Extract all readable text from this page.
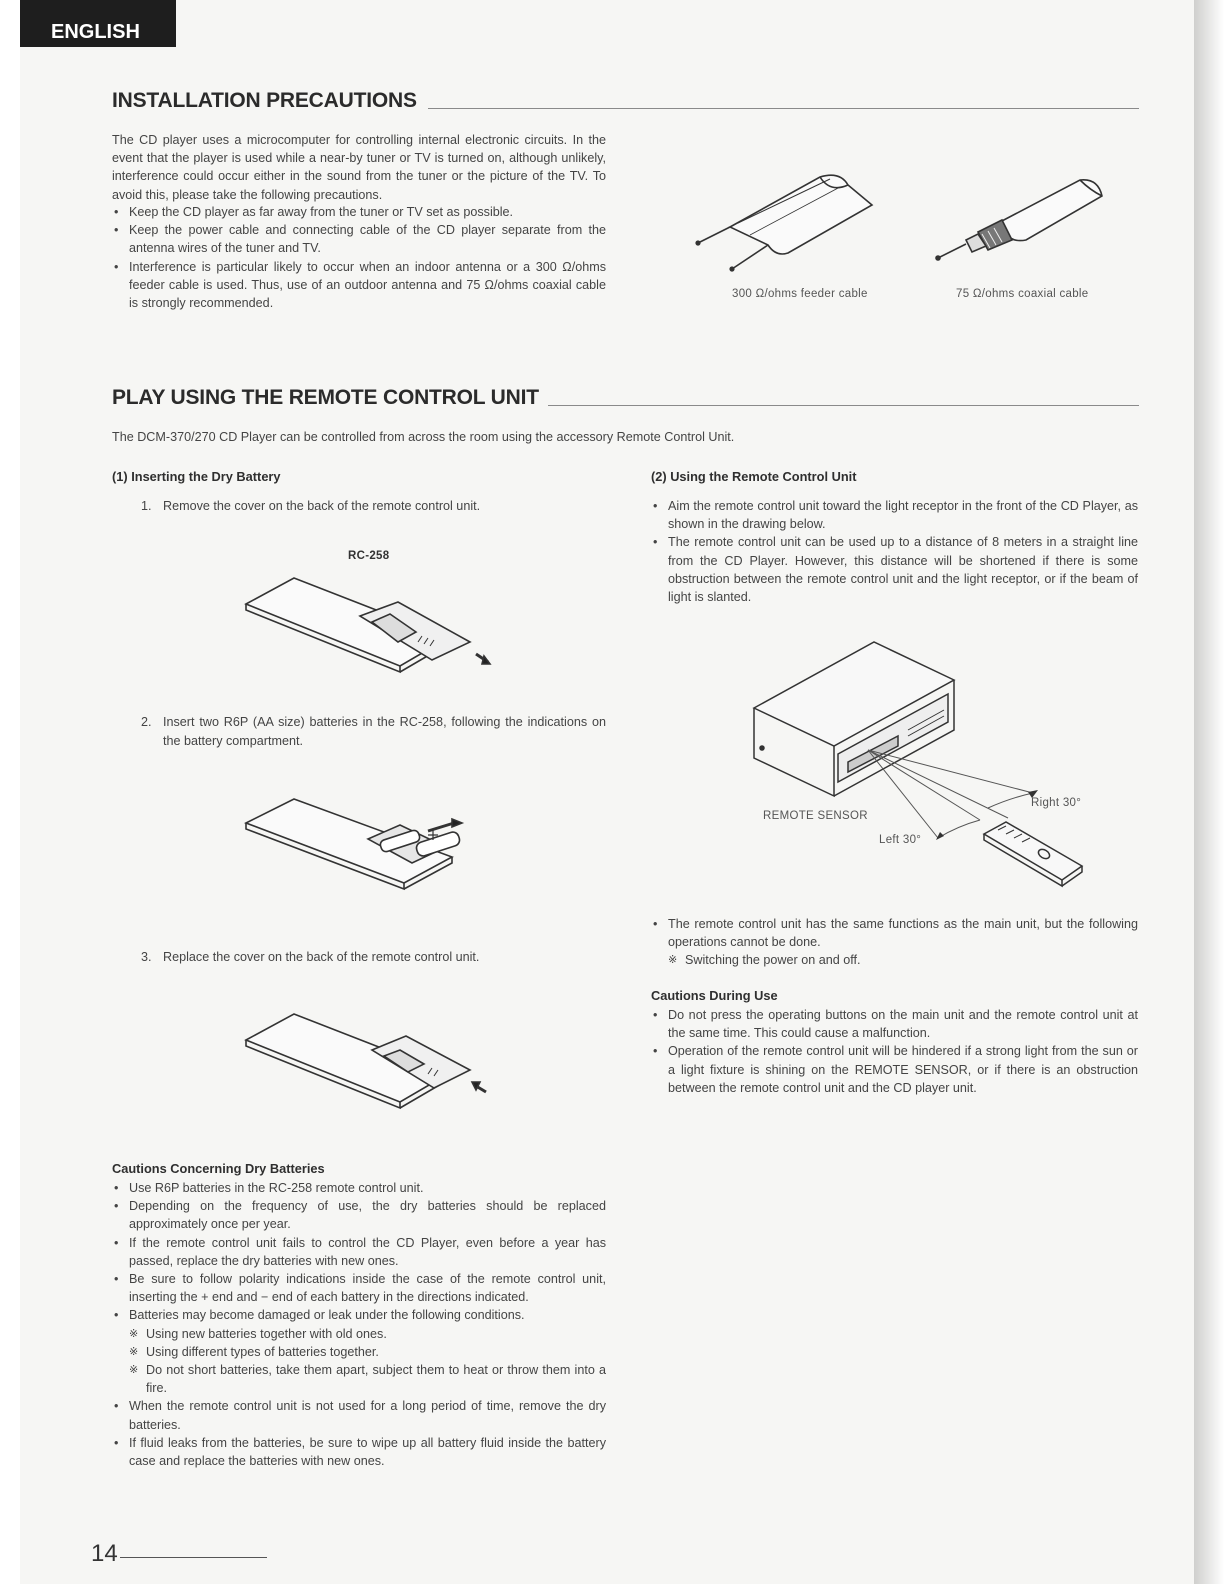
ENGLISH
INSTALLATION PRECAUTIONS

The CD player uses a microcomputer for controlling internal electronic circuits. In the event that the player is used while a near-by tuner or TV is turned on, although unlikely, interference could occur either in the sound from the tuner or the picture of the TV. To avoid this, please take the following precautions.

• Keep the CD player as far away from the tuner or TV set as possible.
• Keep the power cable and connecting cable of the CD player separate from the antenna wires of the tuner and TV.
• Interference is particular likely to occur when an indoor antenna or a 300 Ω/ohms feeder cable is used. Thus, use of an outdoor antenna and 75 Ω/ohms coaxial cable is strongly recommended.
300 Ω/ohms feeder cable	75 Ω/ohms coaxial cable
PLAY USING THE REMOTE CONTROL UNIT

The DCM-370/270 CD Player can be controlled from across the room using the accessory Remote Control Unit.

(1) Inserting the Dry Battery

1. Remove the cover on the back of the remote control unit.

RC-258

2. Insert two R6P (AA size) batteries in the RC-258, following the indications on the battery compartment.

3. Replace the cover on the back of the remote control unit.

Cautions Concerning Dry Batteries

• Use R6P batteries in the RC-258 remote control unit.
• Depending on the frequency of use, the dry batteries should be replaced approximately once per year.
• If the remote control unit fails to control the CD Player, even before a year has passed, replace the dry batteries with new ones.
• Be sure to follow polarity indications inside the case of the remote control unit, inserting the + end and − end of each battery in the directions indicated.
• Batteries may become damaged or leak under the following conditions.
※ Using new batteries together with old ones.
※ Using different types of batteries together.
※ Do not short batteries, take them apart, subject them to heat or throw them into a fire.
• When the remote control unit is not used for a long period of time, remove the dry batteries.
• If fluid leaks from the batteries, be sure to wipe up all battery fluid inside the battery case and replace the batteries with new ones.

(2) Using the Remote Control Unit

• Aim the remote control unit toward the light receptor in the front of the CD Player, as shown in the drawing below.
• The remote control unit can be used up to a distance of 8 meters in a straight line from the CD Player. However, this distance will be shortened if there is some obstruction between the remote control unit and the light receptor, or if the beam of light is slanted.
REMOTE SENSOR
Left 30°
Right 30°
• The remote control unit has the same functions as the main unit, but the following operations cannot be done.
※ Switching the power on and off.

Cautions During Use

• Do not press the operating buttons on the main unit and the remote control unit at the same time. This could cause a malfunction.
• Operation of the remote control unit will be hindered if a strong light from the sun or a light fixture is shining on the REMOTE SENSOR, or if there is an obstruction between the remote control unit and the CD player unit.
14
